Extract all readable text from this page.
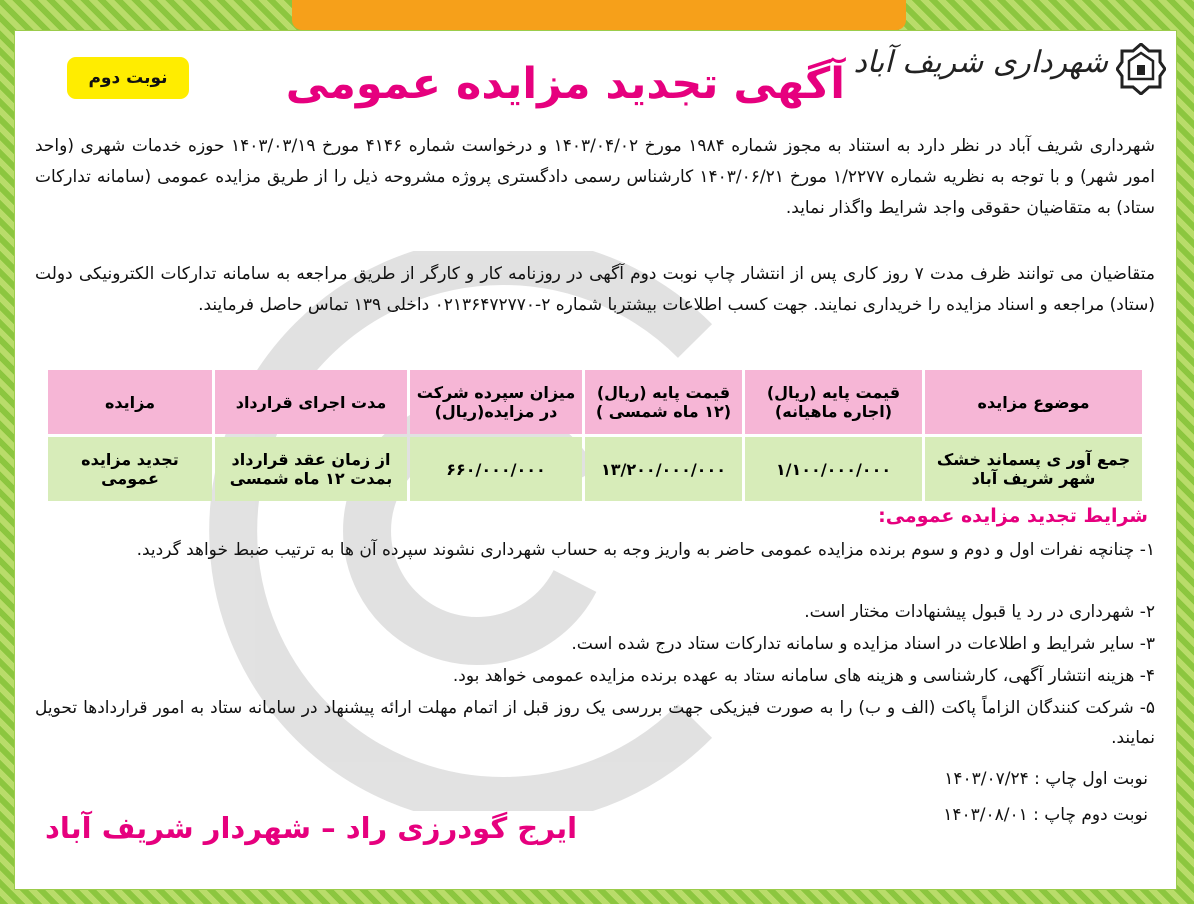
شهرداری شریف آباد
آگهی تجدید مزایده عمومی
نوبت دوم
شهرداری شریف آباد در نظر دارد به استناد به مجوز شماره ۱۹۸۴ مورخ ۱۴۰۳/۰۴/۰۲ و درخواست شماره ۴۱۴۶ مورخ ۱۴۰۳/۰۳/۱۹ حوزه خدمات شهری (واحد امور شهر) و با توجه به نظریه شماره ۱/۲۲۷۷ مورخ ۱۴۰۳/۰۶/۲۱ کارشناس رسمی دادگستری پروژه مشروحه ذیل را از طریق مزایده عمومی (سامانه تدارکات ستاد) به متقاضیان حقوقی واجد شرایط واگذار نماید.
متقاضیان می توانند ظرف مدت ۷ روز کاری پس از انتشار چاپ نوبت دوم آگهی در روزنامه کار و کارگر از طریق مراجعه به سامانه تدارکات الکترونیکی دولت (ستاد) مراجعه و اسناد مزایده را خریداری نمایند. جهت کسب اطلاعات بیشتربا شماره ۲-۰۲۱۳۶۴۷۲۷۷۰ داخلی ۱۳۹ تماس حاصل فرمایند.
موضوع مزایده	قیمت پایه (ریال) (اجاره ماهیانه)	قیمت پایه (ریال) (۱۲ ماه شمسی )	میزان سپرده شرکت در مزایده(ریال)	مدت اجرای قرارداد	مزایده
جمع آور ی پسماند خشک شهر شریف آباد	۱/۱۰۰/۰۰۰/۰۰۰	۱۳/۲۰۰/۰۰۰/۰۰۰	۶۶۰/۰۰۰/۰۰۰	از زمان عقد قرارداد بمدت ۱۲ ماه شمسی	تجدید مزایده عمومی
شرایط تجدید مزایده عمومی:
۱- چنانچه نفرات اول و دوم و سوم برنده مزایده عمومی حاضر به واریز وجه به حساب شهرداری نشوند سپرده آن ها به ترتیب ضبط خواهد گردید.
۲- شهرداری در رد یا قبول پیشنهادات مختار است.
۳- سایر شرایط و اطلاعات در اسناد مزایده و سامانه تدارکات ستاد درج شده است.
۴- هزینه انتشار آگهی، کارشناسی و هزینه های سامانه ستاد به عهده برنده مزایده عمومی خواهد بود.
۵- شرکت کنندگان الزاماً پاکت (الف و ب) را به صورت فیزیکی جهت بررسی یک روز قبل از اتمام مهلت ارائه پیشنهاد در سامانه ستاد به امور قراردادها تحویل نمایند.
نوبت اول چاپ : ۱۴۰۳/۰۷/۲۴
نوبت دوم چاپ : ۱۴۰۳/۰۸/۰۱
ایرج گودرزی راد – شهردار شریف آباد
